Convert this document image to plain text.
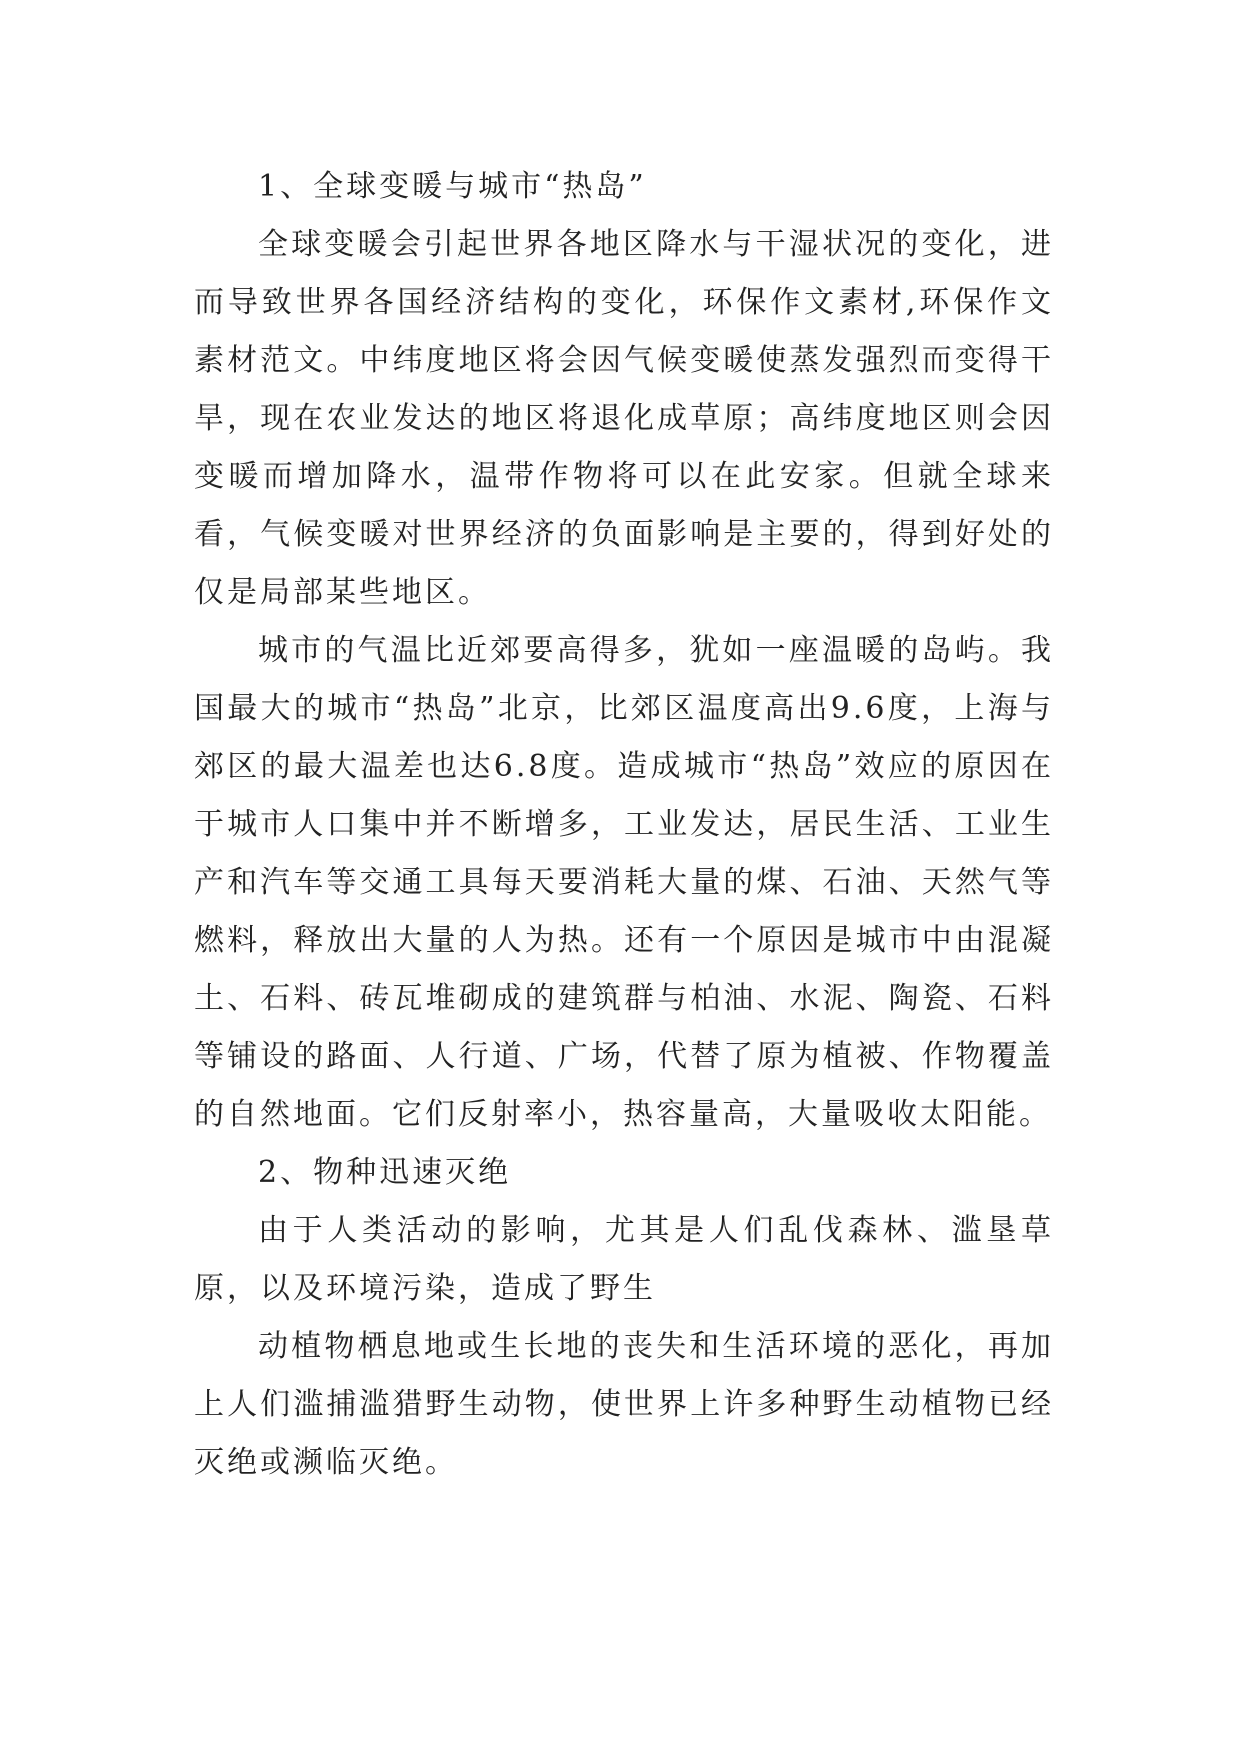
1、全球变暖与城市“热岛”

全球变暖会引起世界各地区降水与干湿状况的变化，进而导致世界各国经济结构的变化，环保作文素材,环保作文素材范文。中纬度地区将会因气候变暖使蒸发强烈而变得干旱，现在农业发达的地区将退化成草原；高纬度地区则会因变暖而增加降水，温带作物将可以在此安家。但就全球来看，气候变暖对世界经济的负面影响是主要的，得到好处的仅是局部某些地区。

城市的气温比近郊要高得多，犹如一座温暖的岛屿。我国最大的城市“热岛”北京，比郊区温度高出9.6度，上海与郊区的最大温差也达6.8度。造成城市“热岛”效应的原因在于城市人口集中并不断增多，工业发达，居民生活、工业生产和汽车等交通工具每天要消耗大量的煤、石油、天然气等燃料，释放出大量的人为热。还有一个原因是城市中由混凝土、石料、砖瓦堆砌成的建筑群与柏油、水泥、陶瓷、石料等铺设的路面、人行道、广场，代替了原为植被、作物覆盖的自然地面。它们反射率小，热容量高，大量吸收太阳能。

2、物种迅速灭绝

由于人类活动的影响，尤其是人们乱伐森林、滥垦草原，以及环境污染，造成了野生

动植物栖息地或生长地的丧失和生活环境的恶化，再加上人们滥捕滥猎野生动物，使世界上许多种野生动植物已经灭绝或濒临灭绝。
